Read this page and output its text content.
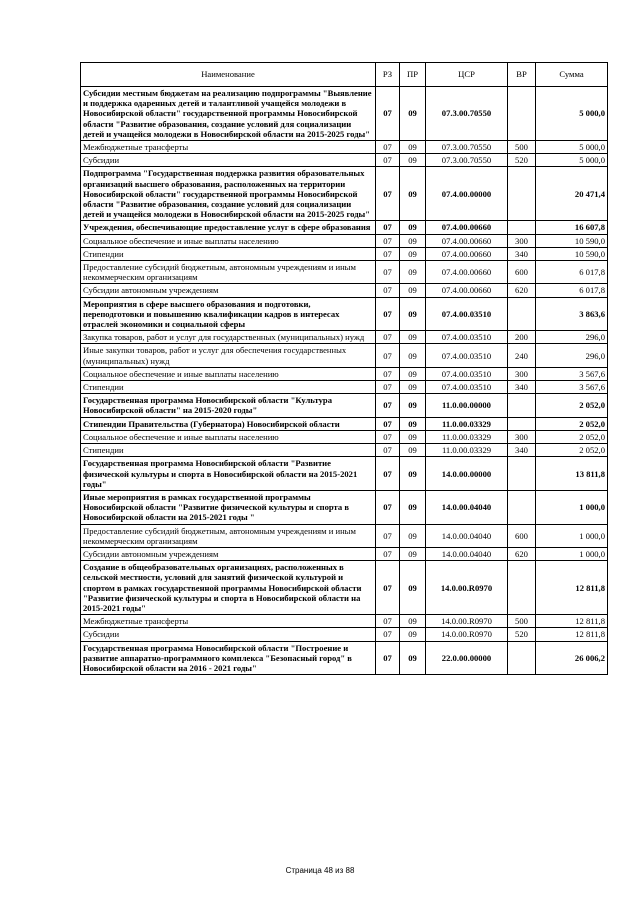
Наименование	РЗ	ПР	ЦСР	ВР	Сумма
Субсидии местным бюджетам на реализацию подпрограммы "Выявление и поддержка одаренных детей и талантливой учащейся молодежи в Новосибирской области" государственной программы Новосибирской области "Развитие образования, создание условий для социализации детей и учащейся молодежи в Новосибирской области на 2015-2025 годы"	07	09	07.3.00.70550		5 000,0
Межбюджетные трансферты	07	09	07.3.00.70550	500	5 000,0
Субсидии	07	09	07.3.00.70550	520	5 000,0
Подпрограмма "Государственная поддержка развития образовательных организаций высшего образования, расположенных на территории Новосибирской области" государственной программы Новосибирской области "Развитие образования, создание условий для социализации детей и учащейся молодежи в Новосибирской области на 2015-2025 годы"	07	09	07.4.00.00000		20 471,4
Учреждения, обеспечивающие предоставление услуг в сфере образования	07	09	07.4.00.00660		16 607,8
Социальное обеспечение и иные выплаты населению	07	09	07.4.00.00660	300	10 590,0
Стипендии	07	09	07.4.00.00660	340	10 590,0
Предоставление субсидий бюджетным, автономным учреждениям и иным некоммерческим организациям	07	09	07.4.00.00660	600	6 017,8
Субсидии автономным учреждениям	07	09	07.4.00.00660	620	6 017,8
Мероприятия в сфере высшего образования и подготовки, переподготовки и повышению квалификации кадров в интересах отраслей экономики и социальной сферы	07	09	07.4.00.03510		3 863,6
Закупка товаров, работ и услуг для государственных (муниципальных) нужд	07	09	07.4.00.03510	200	296,0
Иные закупки товаров, работ и услуг для обеспечения государственных (муниципальных) нужд	07	09	07.4.00.03510	240	296,0
Социальное обеспечение и иные выплаты населению	07	09	07.4.00.03510	300	3 567,6
Стипендии	07	09	07.4.00.03510	340	3 567,6
Государственная программа Новосибирской области "Культура Новосибирской области" на 2015-2020 годы"	07	09	11.0.00.00000		2 052,0
Стипендии Правительства (Губернатора) Новосибирской области	07	09	11.0.00.03329		2 052,0
Социальное обеспечение и иные выплаты населению	07	09	11.0.00.03329	300	2 052,0
Стипендии	07	09	11.0.00.03329	340	2 052,0
Государственная программа Новосибирской области "Развитие физической культуры и спорта в Новосибирской области на 2015-2021 годы"	07	09	14.0.00.00000		13 811,8
Иные мероприятия в рамках государственной программы Новосибирской области "Развитие физической культуры и спорта в Новосибирской области на 2015-2021 годы "	07	09	14.0.00.04040		1 000,0
Предоставление субсидий бюджетным, автономным учреждениям и иным некоммерческим организациям	07	09	14.0.00.04040	600	1 000,0
Субсидии автономным учреждениям	07	09	14.0.00.04040	620	1 000,0
Создание в общеобразовательных организациях, расположенных в сельской местности, условий для занятий физической культурой и спортом в рамках государственной программы Новосибирской области "Развитие физической культуры и спорта в Новосибирской области на 2015-2021 годы"	07	09	14.0.00.R0970		12 811,8
Межбюджетные трансферты	07	09	14.0.00.R0970	500	12 811,8
Субсидии	07	09	14.0.00.R0970	520	12 811,8
Государственная программа Новосибирской области "Построение и развитие аппаратно-программного комплекса "Безопасный город" в Новосибирской области на 2016 - 2021 годы"	07	09	22.0.00.00000		26 006,2
Страница 48 из 88
